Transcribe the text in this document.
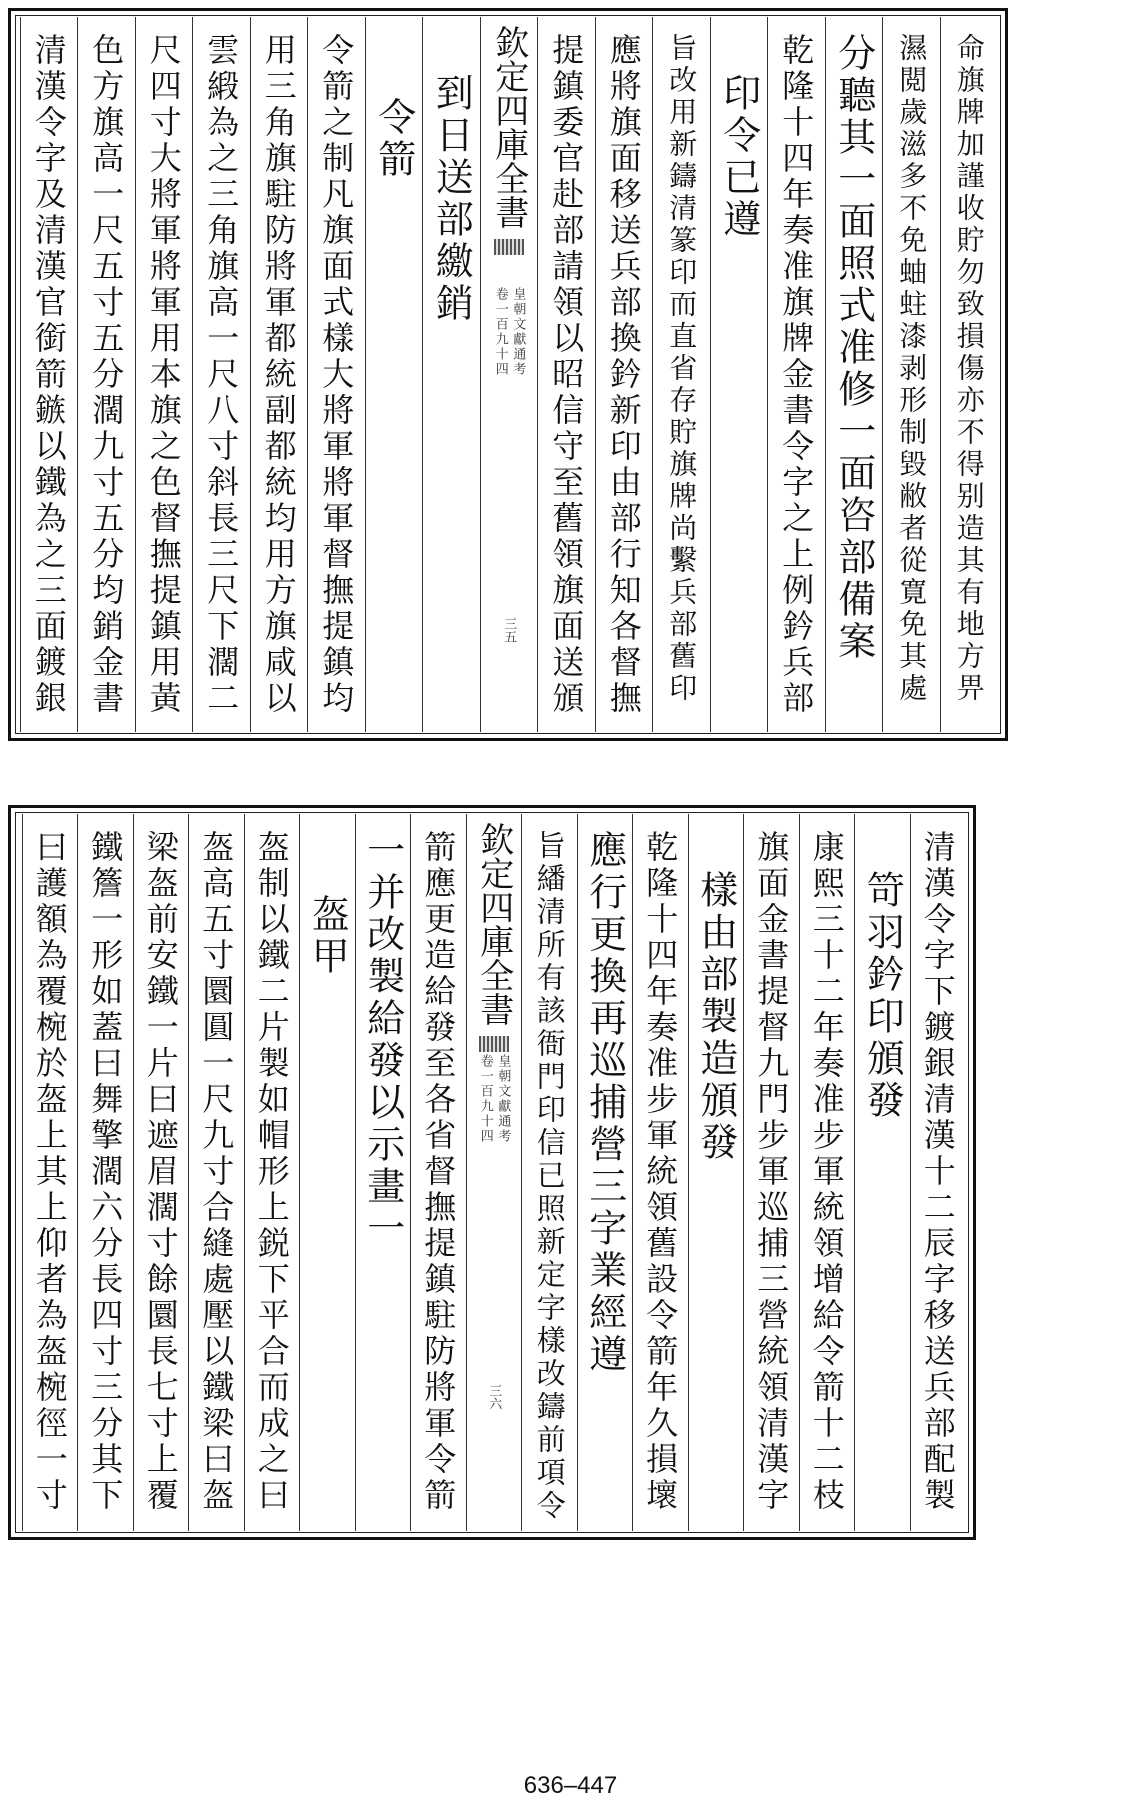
命旗牌加謹收貯勿致損傷亦不得别造其有地方畀
濕閲歲滋多不免蚰蛀漆剥形制毀敝者從寛免其處
分聽其一面照式准修一面咨部備案
乾隆十四年奏准旗牌金書令字之上例鈐兵部
印令已遵
旨改用新鑄清篆印而直省存貯旗牌尚繫兵部舊印
應將旗面移送兵部換鈐新印由部行知各督撫
提鎮委官赴部請領以昭信守至舊領旗面送頒
欽定四庫全書
皇朝文獻通考
卷一百九十四
三五
到日送部繳銷
令箭
令箭之制凡旗面式樣大將軍將軍督撫提鎮均
用三角旗駐防將軍都統副都統均用方旗咸以
雲緞為之三角旗高一尺八寸斜長三尺下濶二
尺四寸大將軍將軍用本旗之色督撫提鎮用黃
色方旗高一尺五寸五分濶九寸五分均銷金書
清漢令字及清漢官銜箭鏃以鐵為之三面鍍銀
清漢令字下鍍銀清漢十二辰字移送兵部配製
笴羽鈐印頒發
康熙三十二年奏准步軍統領增給令箭十二枝
旗面金書提督九門步軍巡捕三營統領清漢字
樣由部製造頒發
乾隆十四年奏准步軍統領舊設令箭年久損壞
應行更換再巡捕營三字業經遵
旨繙清所有該衙門印信已照新定字樣改鑄前項令
欽定四庫全書
皇朝文獻通考
卷一百九十四
三六
箭應更造給發至各省督撫提鎮駐防將軍令箭
一并改製給發以示畫一
盔甲
盔制以鐵二片製如帽形上鋭下平合而成之曰
盔高五寸圜圓一尺九寸合縫處壓以鐵梁曰盔
梁盔前安鐵一片曰遮眉濶寸餘圜長七寸上覆
鐵簷一形如蓋曰舞擎濶六分長四寸三分其下
曰護額為覆椀於盔上其上仰者為盔椀徑一寸
636–447
